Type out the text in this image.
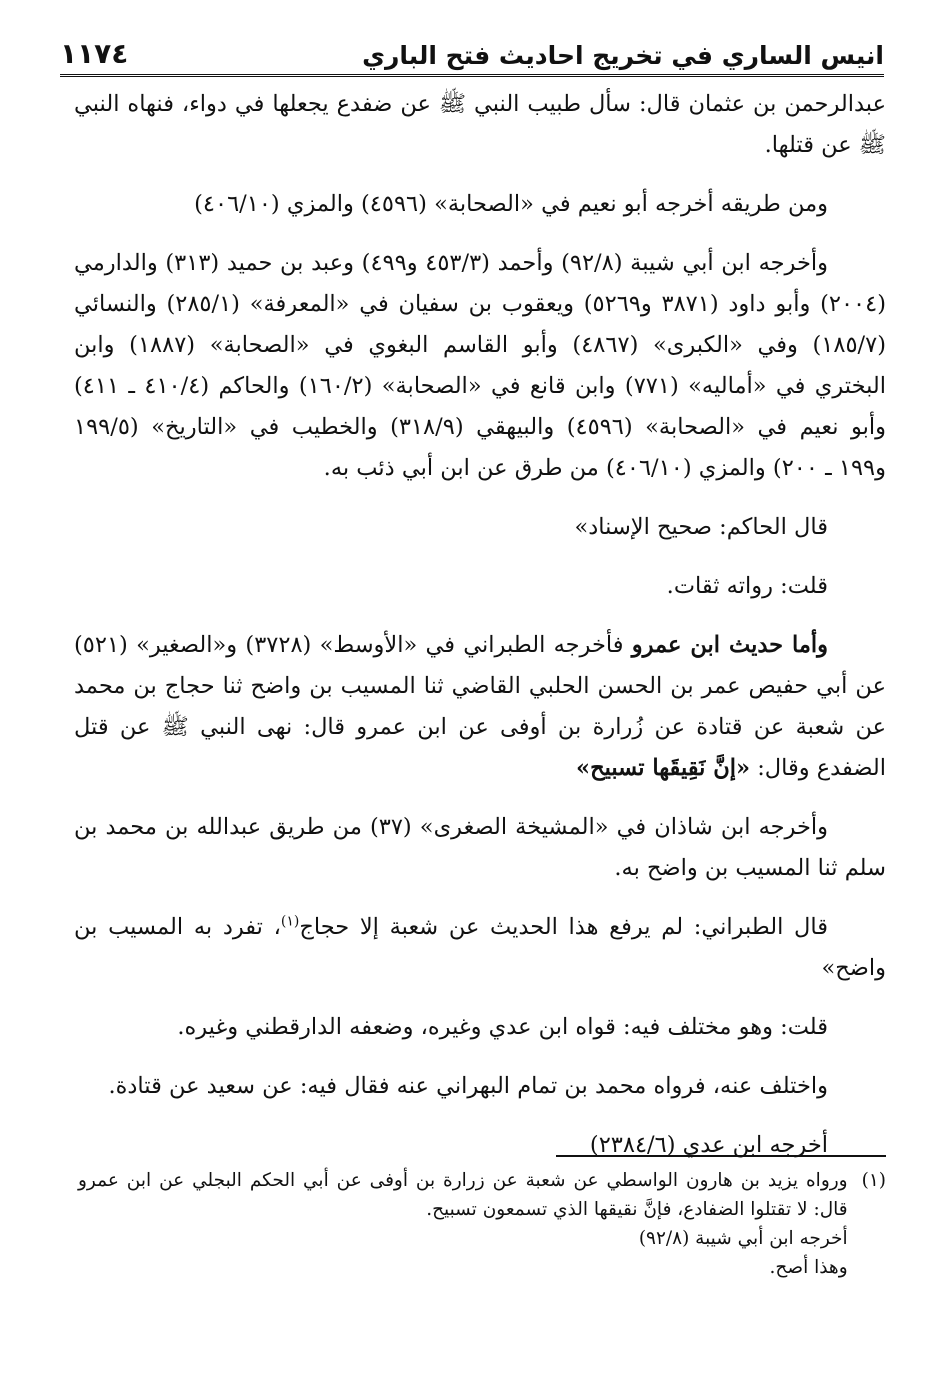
انيس الساري في تخريج احاديث فتح الباري
١١٧٤

عبدالرحمن بن عثمان قال: سأل طبيب النبي ﷺ عن ضفدع يجعلها في دواء، فنهاه النبي ﷺ عن قتلها.

ومن طريقه أخرجه أبو نعيم في «الصحابة» (٤٥٩٦) والمزي (٤٠٦/١٠)

وأخرجه ابن أبي شيبة (٩٢/٨) وأحمد (٤٥٣/٣ و٤٩٩) وعبد بن حميد (٣١٣) والدارمي (٢٠٠٤) وأبو داود (٣٨٧١ و٥٢٦٩) ويعقوب بن سفيان في «المعرفة» (٢٨٥/١) والنسائي (١٨٥/٧) وفي «الكبرى» (٤٨٦٧) وأبو القاسم البغوي في «الصحابة» (١٨٨٧) وابن البختري في «أماليه» (٧٧١) وابن قانع في «الصحابة» (١٦٠/٢) والحاكم (٤١٠/٤ ـ ٤١١) وأبو نعيم في «الصحابة» (٤٥٩٦) والبيهقي (٣١٨/٩) والخطيب في «التاريخ» (١٩٩/٥ و١٩٩ ـ ٢٠٠) والمزي (٤٠٦/١٠) من طرق عن ابن أبي ذئب به.

قال الحاكم: صحيح الإسناد»

قلت: رواته ثقات.

وأما حديث ابن عمرو فأخرجه الطبراني في «الأوسط» (٣٧٢٨) و«الصغير» (٥٢١) عن أبي حفيص عمر بن الحسن الحلبي القاضي ثنا المسيب بن واضح ثنا حجاج بن محمد عن شعبة عن قتادة عن زُرارة بن أوفى عن ابن عمرو قال: نهى النبي ﷺ عن قتل الضفدع وقال: «إنَّ نَقِيقَها تسبيح»

وأخرجه ابن شاذان في «المشيخة الصغرى» (٣٧) من طريق عبدالله بن محمد بن سلم ثنا المسيب بن واضح به.

قال الطبراني: لم يرفع هذا الحديث عن شعبة إلا حجاج$^{(١)}$، تفرد به المسيب بن واضح»

قلت: وهو مختلف فيه: قواه ابن عدي وغيره، وضعفه الدارقطني وغيره.

واختلف عنه، فرواه محمد بن تمام البهراني عنه فقال فيه: عن سعيد عن قتادة.

أخرجه ابن عدي (٢٣٨٤/٦)

(١)

ورواه يزيد بن هارون الواسطي عن شعبة عن زرارة بن أوفى عن أبي الحكم البجلي عن ابن عمرو قال: لا تقتلوا الضفادع، فإنَّ نقيقها الذي تسمعون تسبيح.

أخرجه ابن أبي شيبة (٩٢/٨)

وهذا أصح.
